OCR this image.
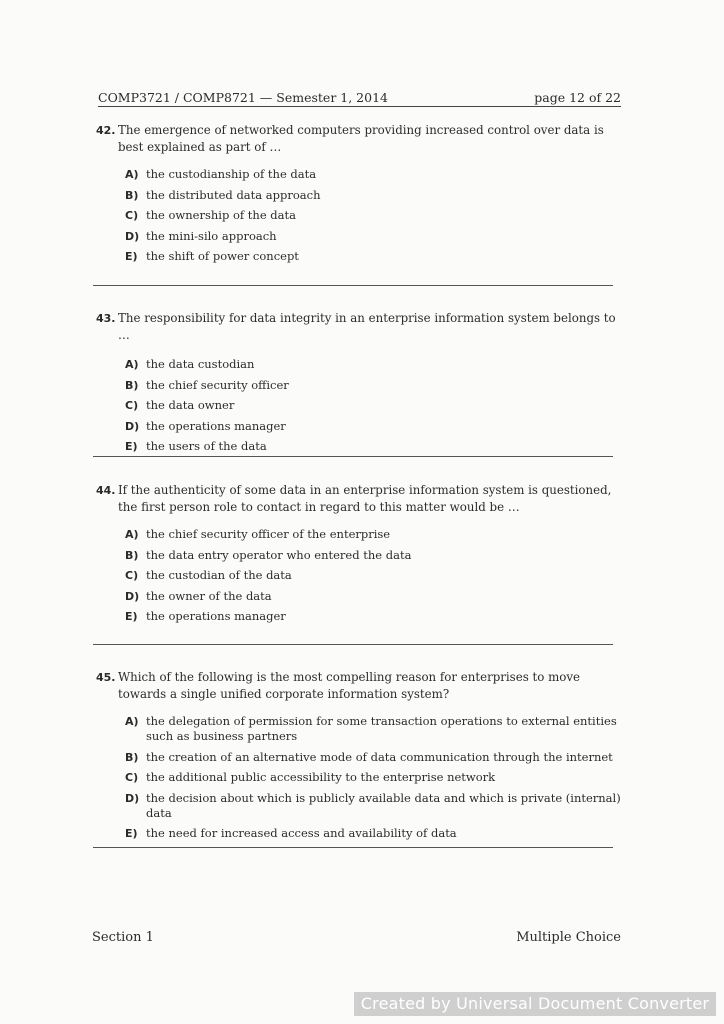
COMP3721 / COMP8721 — Semester 1, 2014	page 12 of 22

42. The emergence of networked computers providing increased control over data is best explained as part of …

A) the custodianship of the data
B) the distributed data approach
C) the ownership of the data
D) the mini-silo approach
E) the shift of power concept

43. The responsibility for data integrity in an enterprise information system belongs to …

A) the data custodian
B) the chief security officer
C) the data owner
D) the operations manager
E) the users of the data

44. If the authenticity of some data in an enterprise information system is questioned, the first person role to contact in regard to this matter would be …

A) the chief security officer of the enterprise
B) the data entry operator who entered the data
C) the custodian of the data
D) the owner of the data
E) the operations manager

45. Which of the following is the most compelling reason for enterprises to move towards a single unified corporate information system?

A) the delegation of permission for some transaction operations to external entities such as business partners
B) the creation of an alternative mode of data communication through the internet
C) the additional public accessibility to the enterprise network
D) the decision about which is publicly available data and which is private (internal) data
E) the need for increased access and availability of data
Section 1	Multiple Choice
Created by Universal Document Converter
